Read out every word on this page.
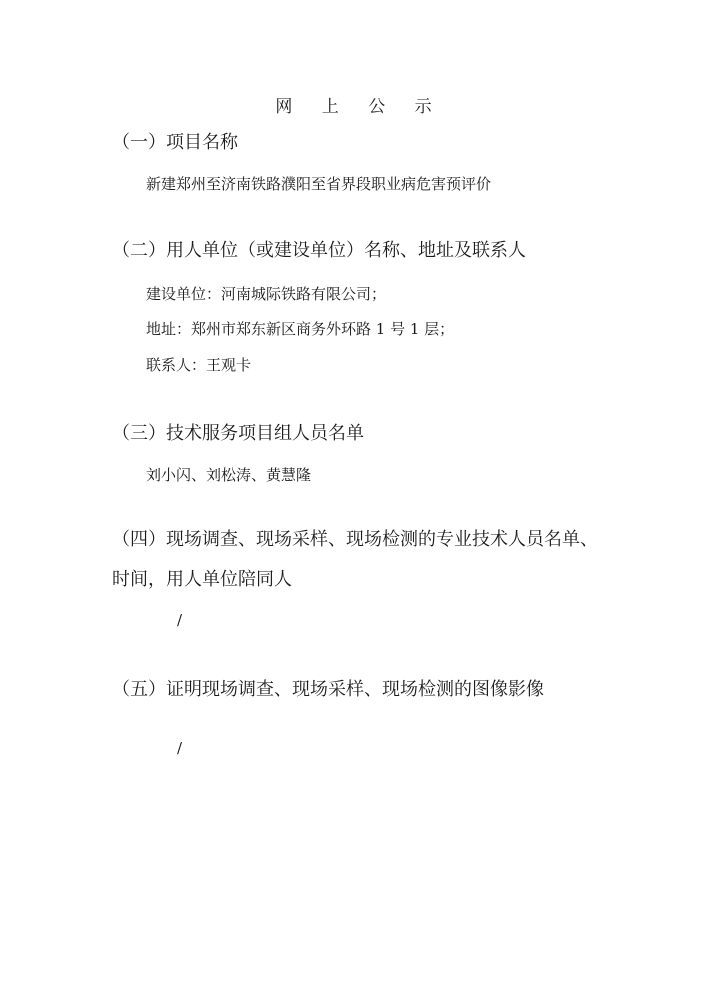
网 上 公 示
（一）项目名称
新建郑州至济南铁路濮阳至省界段职业病危害预评价
（二）用人单位（或建设单位）名称、地址及联系人
建设单位：河南城际铁路有限公司；
地址：郑州市郑东新区商务外环路 1 号 1 层；
联系人：王观卡
（三）技术服务项目组人员名单
刘小闪、刘松涛、黄慧隆
（四）现场调查、现场采样、现场检测的专业技术人员名单、
时间，用人单位陪同人
/
（五）证明现场调查、现场采样、现场检测的图像影像
/
